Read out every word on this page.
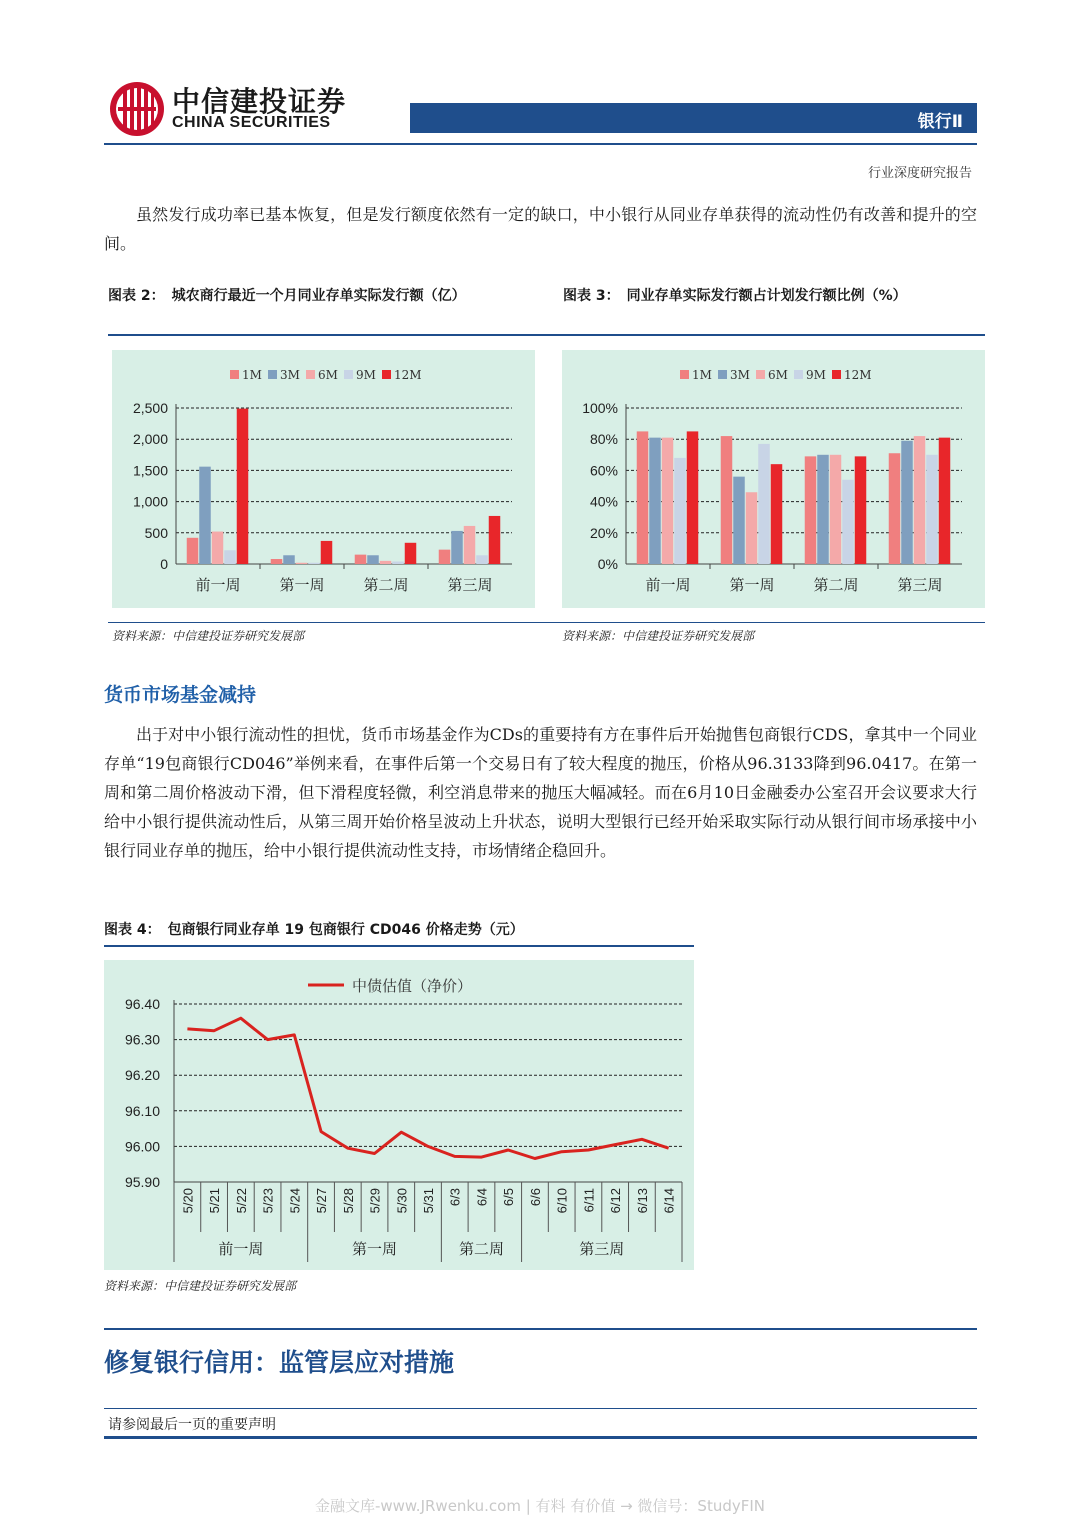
中信建投证券
CHINA SECURITIES	银行Ⅱ
行业深度研究报告

虽然发行成功率已基本恢复，但是发行额度依然有一定的缺口，中小银行从同业存单获得的流动性仍有改善和提升的空间。

图表 2：　城农商行最近一个月同业存单实际发行额（亿）	图表 3：　同业存单实际发行额占计划发行额比例（%）
1M 3M 6M 9M 12M
0
500
1,000
1,500
2,000
2,500
前一周	第一周	第二周	第三周
1M 3M 6M 9M 12M
0%
20%
40%
60%
80%
100%
前一周	第一周	第二周	第三周
资料来源：中信建投证券研究发展部	资料来源：中信建投证券研究发展部
货币市场基金减持

出于对中小银行流动性的担忧，货币市场基金作为CDs的重要持有方在事件后开始抛售包商银行CDS，拿其中一个同业存单“19包商银行CD046”举例来看，在事件后第一个交易日有了较大程度的抛压，价格从96.3133降到96.0417。在第一周和第二周价格波动下滑，但下滑程度轻微，利空消息带来的抛压大幅减轻。而在6月10日金融委办公室召开会议要求大行给中小银行提供流动性后，从第三周开始价格呈波动上升状态，说明大型银行已经开始采取实际行动从银行间市场承接中小银行同业存单的抛压，给中小银行提供流动性支持，市场情绪企稳回升。

图表 4：　包商银行同业存单 19 包商银行 CD046 价格走势（元）
中债估值（净价）
95.90
96.00
96.10
96.20
96.30
96.40
5/20 5/21 5/22 5/23 5/24 5/27 5/28 5/29 5/30 5/31 6/3 6/4 6/5 6/6 6/10 6/11 6/12 6/13 6/14
前一周	第一周	第二周	第三周
资料来源：中信建投证券研究发展部
修复银行信用：监管层应对措施
请参阅最后一页的重要声明
金融文库-www.JRwenku.com | 有料 有价值 → 微信号：StudyFIN
